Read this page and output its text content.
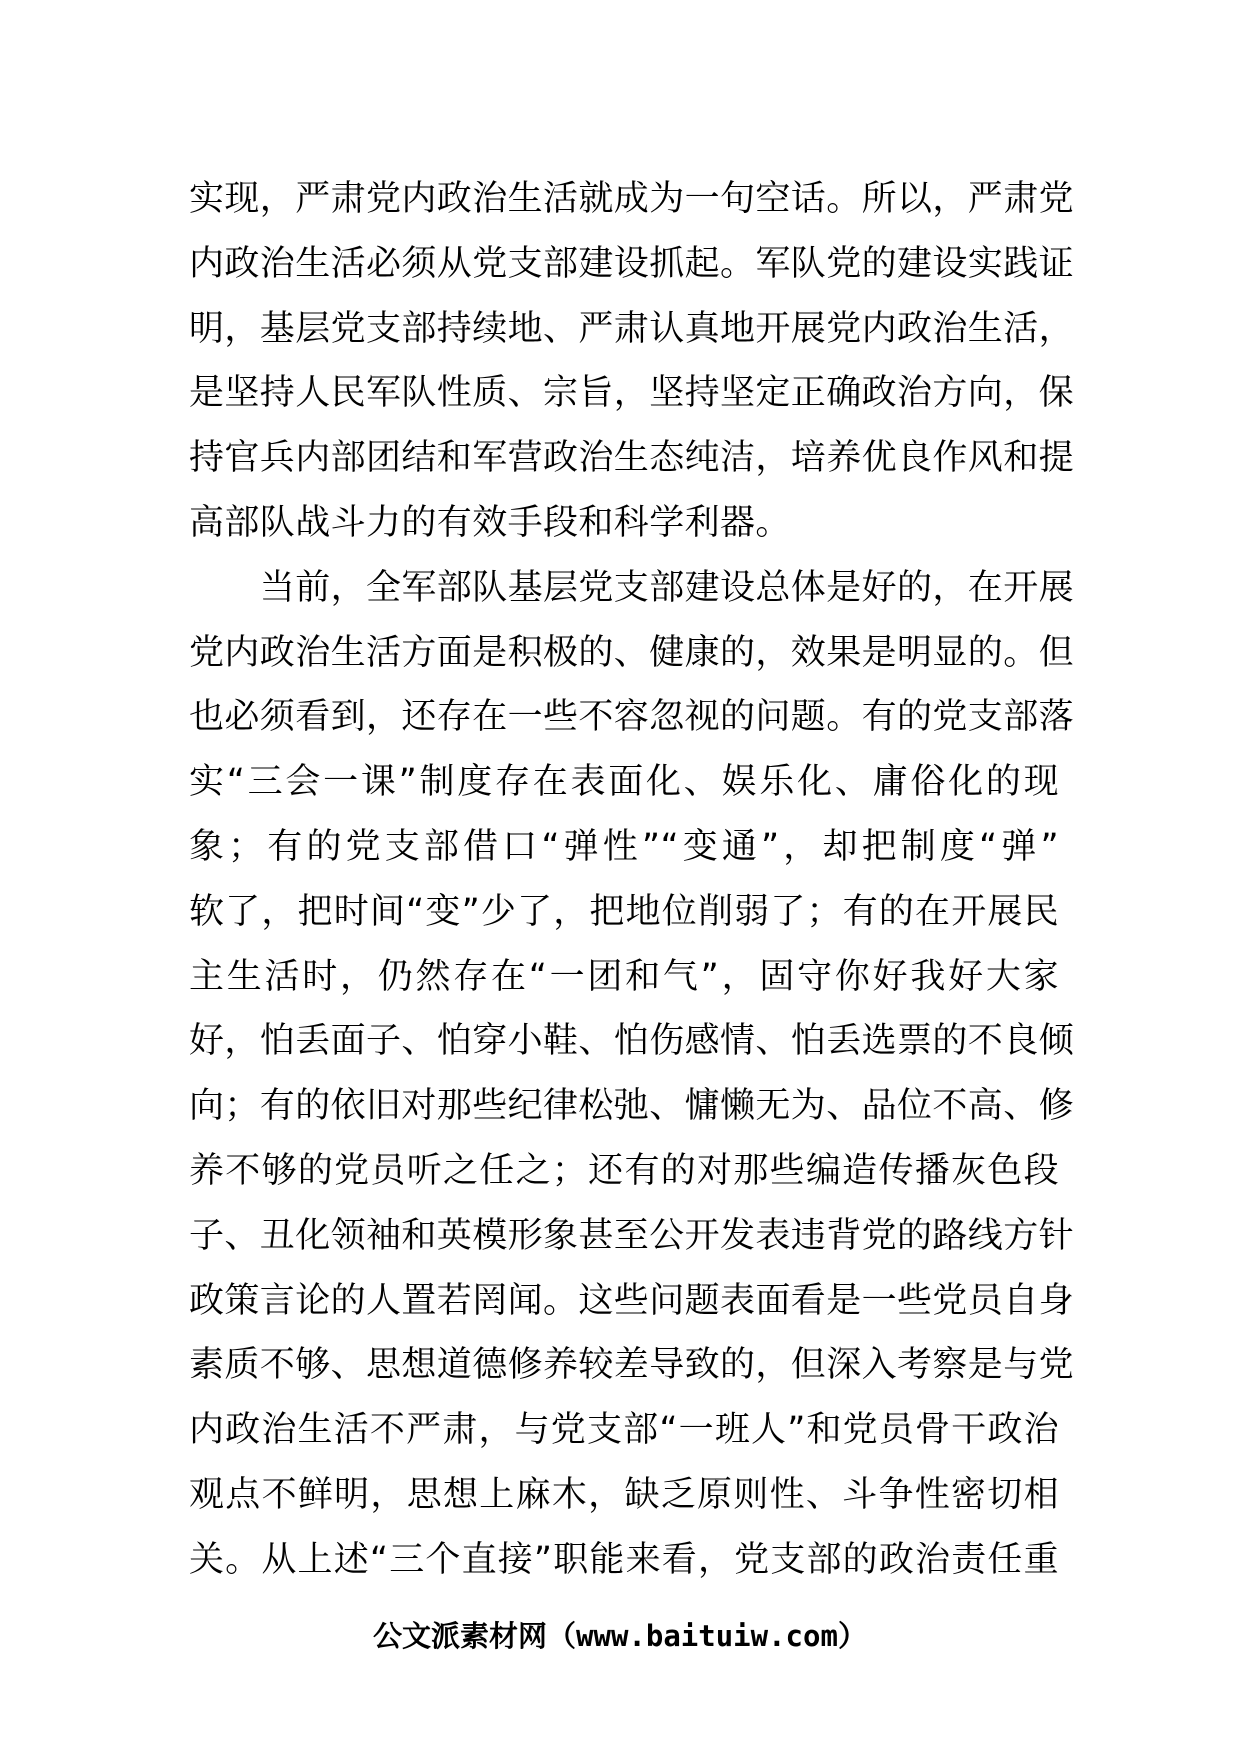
实现，严肃党内政治生活就成为一句空话。所以，严肃党
内政治生活必须从党支部建设抓起。军队党的建设实践证
明，基层党支部持续地、严肃认真地开展党内政治生活，
是坚持人民军队性质、宗旨，坚持坚定正确政治方向，保
持官兵内部团结和军营政治生态纯洁，培养优良作风和提
高部队战斗力的有效手段和科学利器。
　　当前，全军部队基层党支部建设总体是好的，在开展
党内政治生活方面是积极的、健康的，效果是明显的。但
也必须看到，还存在一些不容忽视的问题。有的党支部落
实“三会一课”制度存在表面化、娱乐化、庸俗化的现
象；有的党支部借口“弹性”“变通”，却把制度“弹”
软了，把时间“变”少了，把地位削弱了；有的在开展民
主生活时，仍然存在“一团和气”，固守你好我好大家
好，怕丢面子、怕穿小鞋、怕伤感情、怕丢选票的不良倾
向；有的依旧对那些纪律松弛、慵懒无为、品位不高、修
养不够的党员听之任之；还有的对那些编造传播灰色段
子、丑化领袖和英模形象甚至公开发表违背党的路线方针
政策言论的人置若罔闻。这些问题表面看是一些党员自身
素质不够、思想道德修养较差导致的，但深入考察是与党
内政治生活不严肃，与党支部“一班人”和党员骨干政治
观点不鲜明，思想上麻木，缺乏原则性、斗争性密切相
关。从上述“三个直接”职能来看，党支部的政治责任重
公文派素材网（www.baituiw.com）
